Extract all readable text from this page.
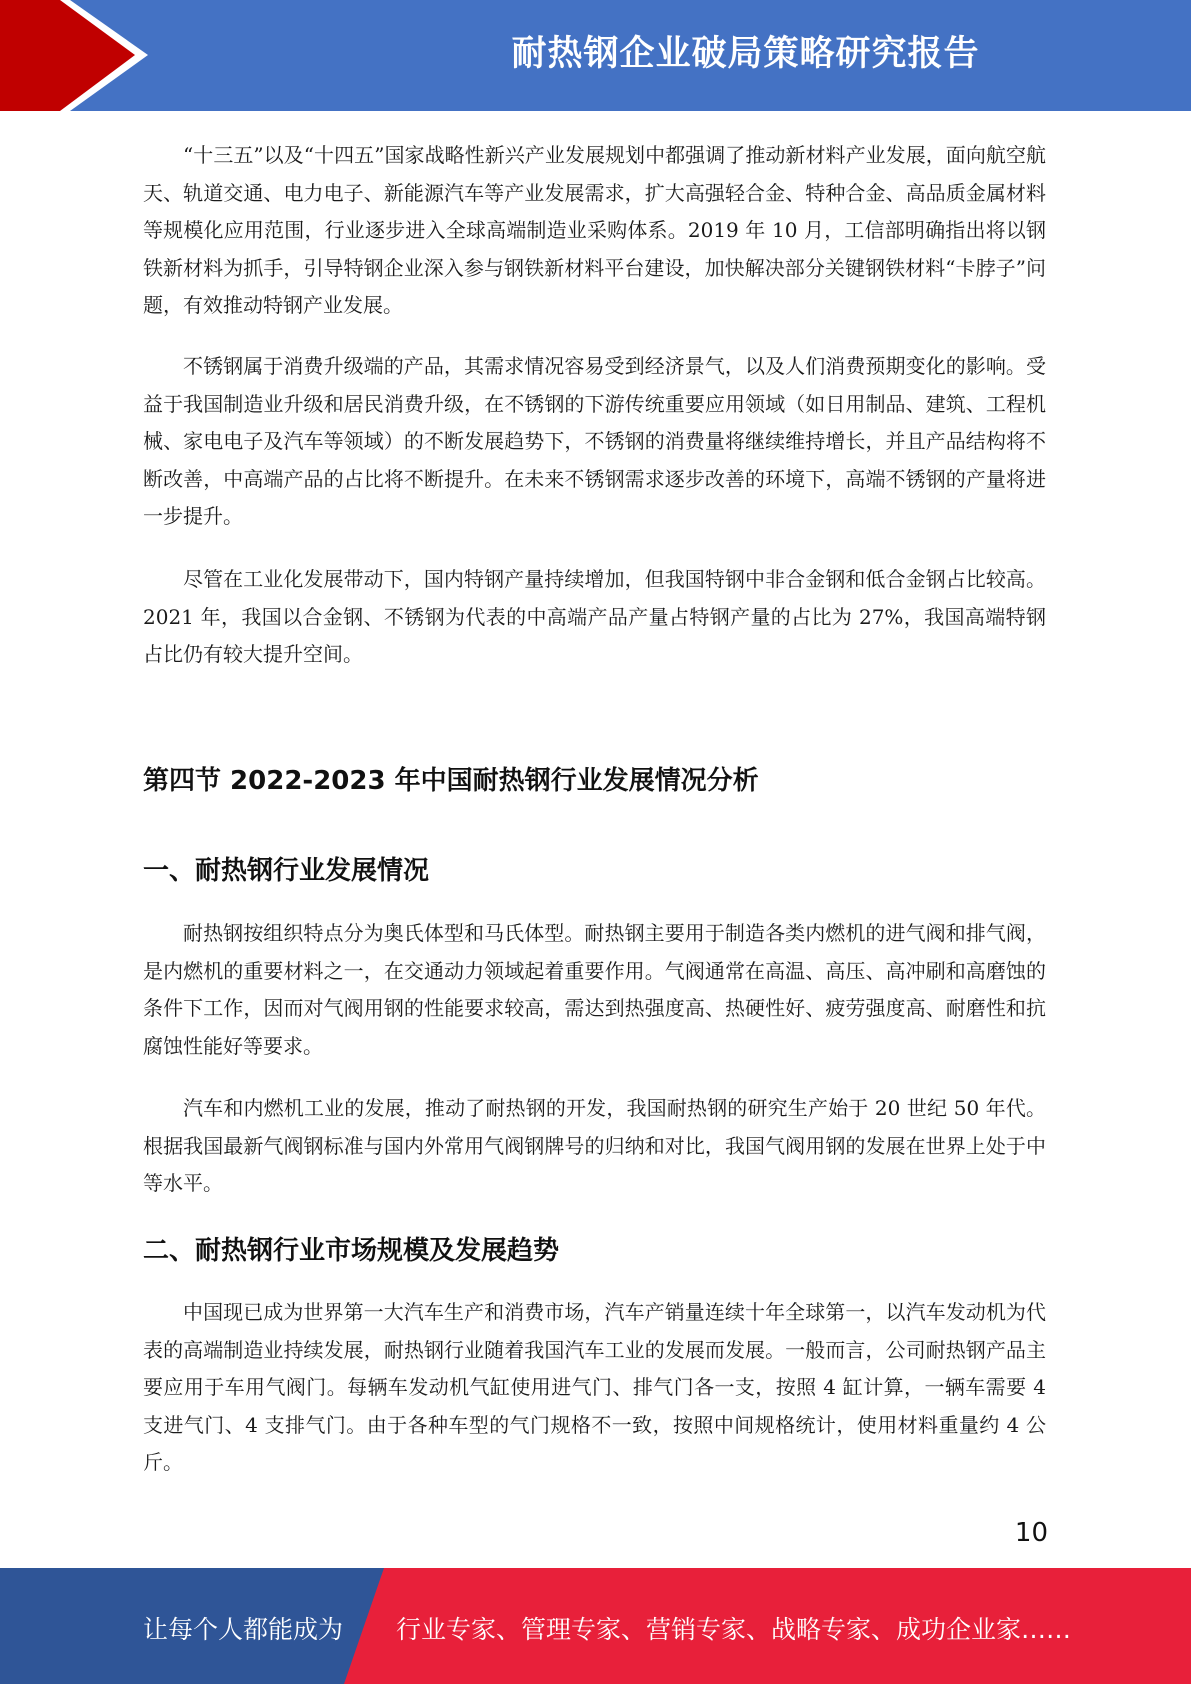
耐热钢企业破局策略研究报告

“十三五”以及“十四五”国家战略性新兴产业发展规划中都强调了推动新材料产业发展，面向航空航天、轨道交通、电力电子、新能源汽车等产业发展需求，扩大高强轻合金、特种合金、高品质金属材料等规模化应用范围，行业逐步进入全球高端制造业采购体系。2019 年 10 月，工信部明确指出将以钢铁新材料为抓手，引导特钢企业深入参与钢铁新材料平台建设，加快解决部分关键钢铁材料“卡脖子”问题，有效推动特钢产业发展。

不锈钢属于消费升级端的产品，其需求情况容易受到经济景气，以及人们消费预期变化的影响。受益于我国制造业升级和居民消费升级，在不锈钢的下游传统重要应用领域（如日用制品、建筑、工程机械、家电电子及汽车等领域）的不断发展趋势下，不锈钢的消费量将继续维持增长，并且产品结构将不断改善，中高端产品的占比将不断提升。在未来不锈钢需求逐步改善的环境下，高端不锈钢的产量将进一步提升。

尽管在工业化发展带动下，国内特钢产量持续增加，但我国特钢中非合金钢和低合金钢占比较高。2021 年，我国以合金钢、不锈钢为代表的中高端产品产量占特钢产量的占比为 27%，我国高端特钢占比仍有较大提升空间。

第四节 2022-2023 年中国耐热钢行业发展情况分析
一、耐热钢行业发展情况

耐热钢按组织特点分为奥氏体型和马氏体型。耐热钢主要用于制造各类内燃机的进气阀和排气阀，是内燃机的重要材料之一，在交通动力领域起着重要作用。气阀通常在高温、高压、高冲刷和高磨蚀的条件下工作，因而对气阀用钢的性能要求较高，需达到热强度高、热硬性好、疲劳强度高、耐磨性和抗腐蚀性能好等要求。

汽车和内燃机工业的发展，推动了耐热钢的开发，我国耐热钢的研究生产始于 20 世纪 50 年代。根据我国最新气阀钢标准与国内外常用气阀钢牌号的归纳和对比，我国气阀用钢的发展在世界上处于中等水平。

二、耐热钢行业市场规模及发展趋势

中国现已成为世界第一大汽车生产和消费市场，汽车产销量连续十年全球第一，以汽车发动机为代表的高端制造业持续发展，耐热钢行业随着我国汽车工业的发展而发展。一般而言，公司耐热钢产品主要应用于车用气阀门。每辆车发动机气缸使用进气门、排气门各一支，按照 4 缸计算，一辆车需要 4 支进气门、4 支排气门。由于各种车型的气门规格不一致，按照中间规格统计，使用材料重量约 4 公斤。

10
让每个人都能成为 行业专家、管理专家、营销专家、战略专家、成功企业家……
